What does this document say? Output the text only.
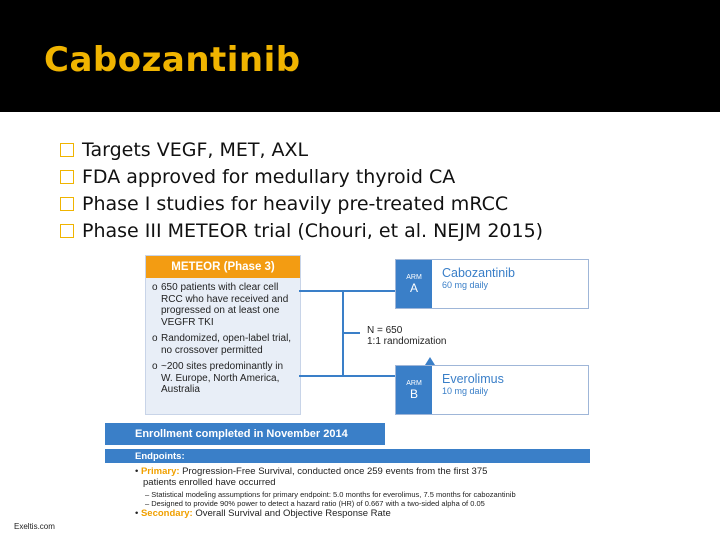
Cabozantinib
Targets VEGF, MET, AXL
FDA approved for medullary thyroid CA
Phase I studies for heavily pre-treated mRCC
Phase III METEOR trial (Chouri, et al. NEJM 2015)
METEOR (Phase 3)
o 650 patients with clear cell RCC who have received and progressed on at least one VEGFR TKI
o Randomized, open-label trial, no crossover permitted
o ~200 sites predominantly in W. Europe, North America, Australia
ARM
A
Cabozantinib
60 mg daily
N = 650
1:1 randomization
ARM
B
Everolimus
10 mg daily
Enrollment completed in November 2014
Endpoints:
• Primary: Progression-Free Survival, conducted once 259 events from the first 375
patients enrolled have occurred
– Statistical modeling assumptions for primary endpoint: 5.0 months for everolimus, 7.5 months for cabozantinib
– Designed to provide 90% power to detect a hazard ratio (HR) of 0.667 with a two-sided alpha of 0.05
• Secondary: Overall Survival and Objective Response Rate
Exeltis.com
